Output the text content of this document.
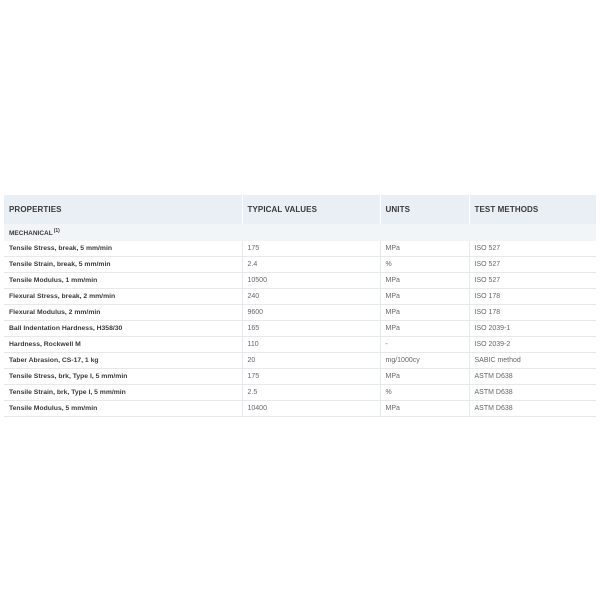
PROPERTIES	TYPICAL VALUES	UNITS	TEST METHODS
MECHANICAL$^{(1)}$
Tensile Stress, break, 5 mm/min	175	MPa	ISO 527
Tensile Strain, break, 5 mm/min	2.4	%	ISO 527
Tensile Modulus, 1 mm/min	10500	MPa	ISO 527
Flexural Stress, break, 2 mm/min	240	MPa	ISO 178
Flexural Modulus, 2 mm/min	9600	MPa	ISO 178
Ball Indentation Hardness, H358/30	165	MPa	ISO 2039-1
Hardness, Rockwell M	110	-	ISO 2039-2
Taber Abrasion, CS-17, 1 kg	20	mg/1000cy	SABIC method
Tensile Stress, brk, Type I, 5 mm/min	175	MPa	ASTM D638
Tensile Strain, brk, Type I, 5 mm/min	2.5	%	ASTM D638
Tensile Modulus, 5 mm/min	10400	MPa	ASTM D638
